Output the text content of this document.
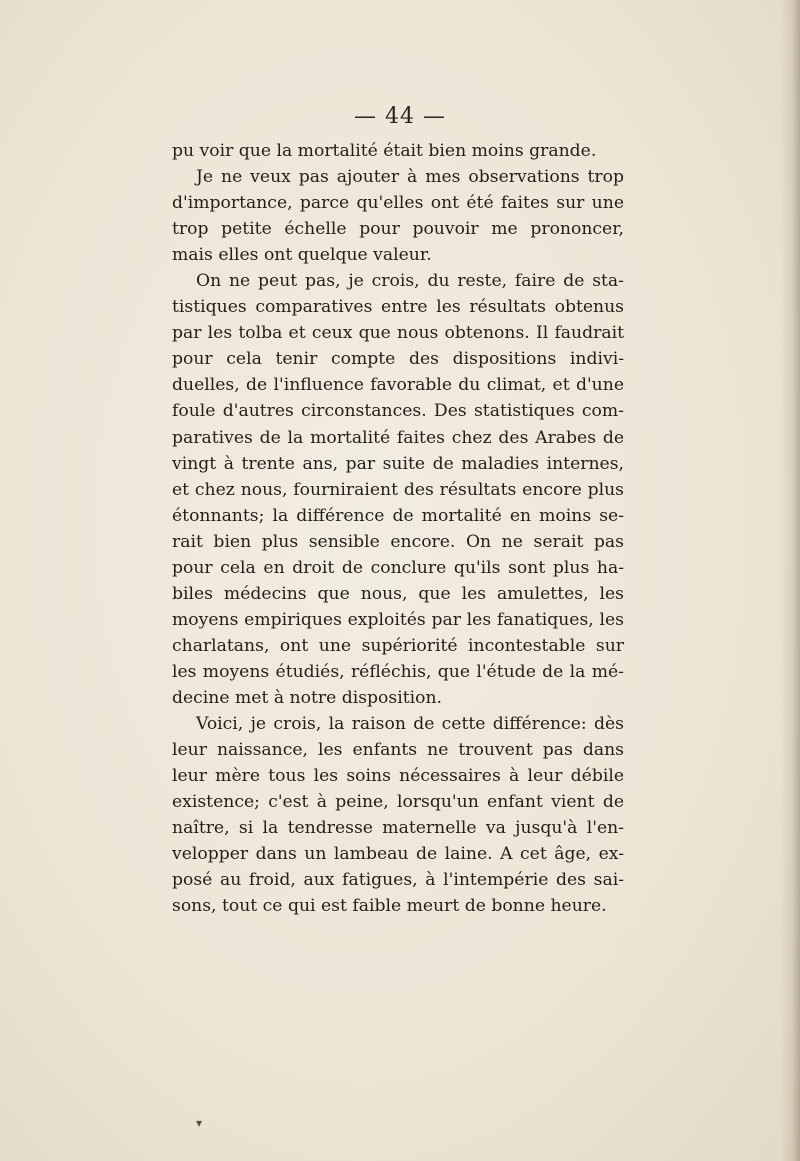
— 44 —
pu voir que la mortalité était bien moins grande.
Je ne veux pas ajouter à mes observations trop
d'importance, parce qu'elles ont été faites sur une
trop petite échelle pour pouvoir me prononcer,
mais elles ont quelque valeur.
On ne peut pas, je crois, du reste, faire de sta-
tistiques comparatives entre les résultats obtenus
par les tolba et ceux que nous obtenons. Il faudrait
pour cela tenir compte des dispositions indivi-
duelles, de l'influence favorable du climat, et d'une
foule d'autres circonstances. Des statistiques com-
paratives de la mortalité faites chez des Arabes de
vingt à trente ans, par suite de maladies internes,
et chez nous, fourniraient des résultats encore plus
étonnants; la différence de mortalité en moins se-
rait bien plus sensible encore. On ne serait pas
pour cela en droit de conclure qu'ils sont plus ha-
biles médecins que nous, que les amulettes, les
moyens empiriques exploités par les fanatiques, les
charlatans, ont une supériorité incontestable sur
les moyens étudiés, réfléchis, que l'étude de la mé-
decine met à notre disposition.
Voici, je crois, la raison de cette différence: dès
leur naissance, les enfants ne trouvent pas dans
leur mère tous les soins nécessaires à leur débile
existence; c'est à peine, lorsqu'un enfant vient de
naître, si la tendresse maternelle va jusqu'à l'en-
velopper dans un lambeau de laine. A cet âge, ex-
posé au froid, aux fatigues, à l'intempérie des sai-
sons, tout ce qui est faible meurt de bonne heure.
▾
